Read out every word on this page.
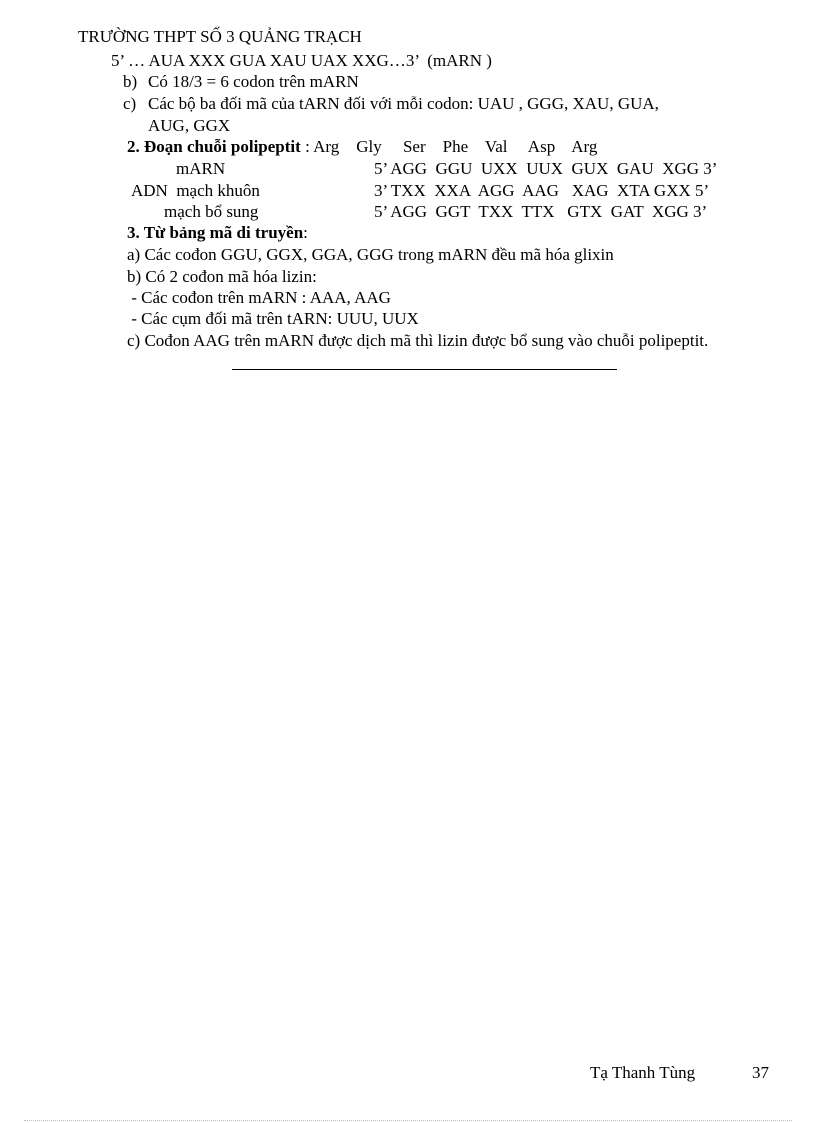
TRƯỜNG THPT SỐ 3 QUẢNG TRẠCH
5’ … AUA XXX GUA XAU UAX XXG…3’  (mARN )
b) Có 18/3 = 6 codon trên mARN
c) Các bộ ba đối mã của tARN đối với mỗi codon: UAU , GGG, XAU, GUA,
AUG, GGX
2. Đoạn chuỗi polipeptit : Arg    Gly     Ser    Phe    Val     Asp    Arg
mARN	5’ AGG  GGU  UXX  UUX  GUX  GAU  XGG 3’
ADN  mạch khuôn	3’ TXX  XXA  AGG  AAG   XAG  XTA GXX 5’
mạch bổ sung	5’ AGG  GGT  TXX  TTX   GTX  GAT  XGG 3’
3. Từ bảng mã di truyền:
a) Các cođon GGU, GGX, GGA, GGG trong mARN đều mã hóa glixin
b) Có 2 cođon mã hóa lizin:
- Các cođon trên mARN : AAA, AAG
- Các cụm đối mã trên tARN: UUU, UUX
c) Cođon AAG trên mARN được dịch mã thì lizin được bổ sung vào chuỗi polipeptit.
Tạ Thanh Tùng	37
